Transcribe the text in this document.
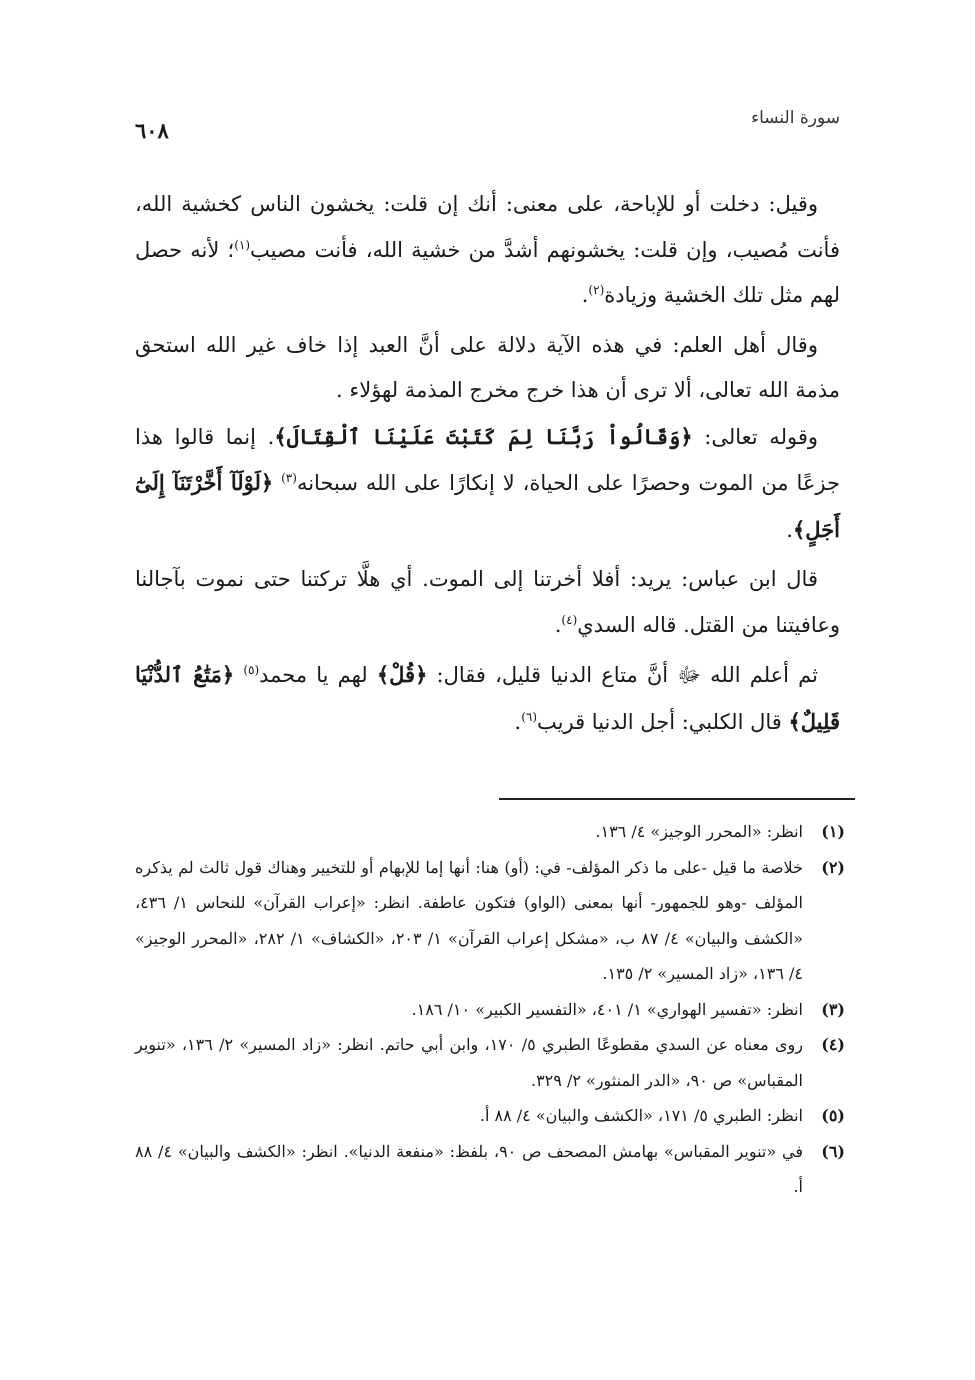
سورة النساء
٦٠٨

وقيل: دخلت أو للإباحة، على معنى: أنك إن قلت: يخشون الناس كخشية الله، فأنت مُصيب، وإن قلت: يخشونهم أشدَّ من خشية الله، فأنت مصيب$^{(١)}$؛ لأنه حصل لهم مثل تلك الخشية وزيادة$^{(٢)}$.

وقال أهل العلم: في هذه الآية دلالة على أنَّ العبد إذا خاف غير الله استحق مذمة الله تعالى، ألا ترى أن هذا خرج مخرج المذمة لهؤلاء .

وقوله تعالى: ﴿وَقَالُواْ رَبَّنَا لِمَ كَتَبْتَ عَلَيْنَا ٱلْقِتَالَ﴾. إنما قالوا هذا جزعًا من الموت وحصرًا على الحياة، لا إنكارًا على الله سبحانه$^{(٣)}$ ﴿لَوْلَآ أَخَّرْتَنَآ إِلَىٰٓ أَجَلٍ﴾.

قال ابن عباس: يريد: أفلا أخرتنا إلى الموت. أي هلَّا تركتنا حتى نموت بآجالنا وعافيتنا من القتل. قاله السدي$^{(٤)}$.

ثم أعلم الله ﷻ أنَّ متاع الدنيا قليل، فقال: ﴿قُلْ﴾ لهم يا محمد$^{(٥)}$ ﴿مَتَٰعُ ٱلدُّنْيَا قَلِيلٌ﴾ قال الكلبي: أجل الدنيا قريب$^{(٦)}$.

(١)
انظر: «المحرر الوجيز» ٤/ ١٣٦.
(٢)
خلاصة ما قيل -على ما ذكر المؤلف- في: (أو) هنا: أنها إما للإبهام أو للتخيير وهناك قول ثالث لم يذكره المؤلف -وهو للجمهور- أنها بمعنى (الواو) فتكون عاطفة. انظر: «إعراب القرآن» للنحاس ١/ ٤٣٦، «الكشف والبيان» ٤/ ٨٧ ب، «مشكل إعراب القرآن» ١/ ٢٠٣، «الكشاف» ١/ ٢٨٢، «المحرر الوجيز» ٤/ ١٣٦، «زاد المسير» ٢/ ١٣٥.
(٣)
انظر: «تفسير الهواري» ١/ ٤٠١، «التفسير الكبير» ١٠/ ١٨٦.
(٤)
روى معناه عن السدي مقطوعًا الطبري ٥/ ١٧٠، وابن أبي حاتم. انظر: «زاد المسير» ٢/ ١٣٦، «تنوير المقباس» ص ٩٠، «الدر المنثور» ٢/ ٣٢٩.
(٥)
انظر: الطبري ٥/ ١٧١، «الكشف والبيان» ٤/ ٨٨ أ.
(٦)
في «تنوير المقباس» بهامش المصحف ص ٩٠، بلفظ: «منفعة الدنيا». انظر: «الكشف والبيان» ٤/ ٨٨ أ.
